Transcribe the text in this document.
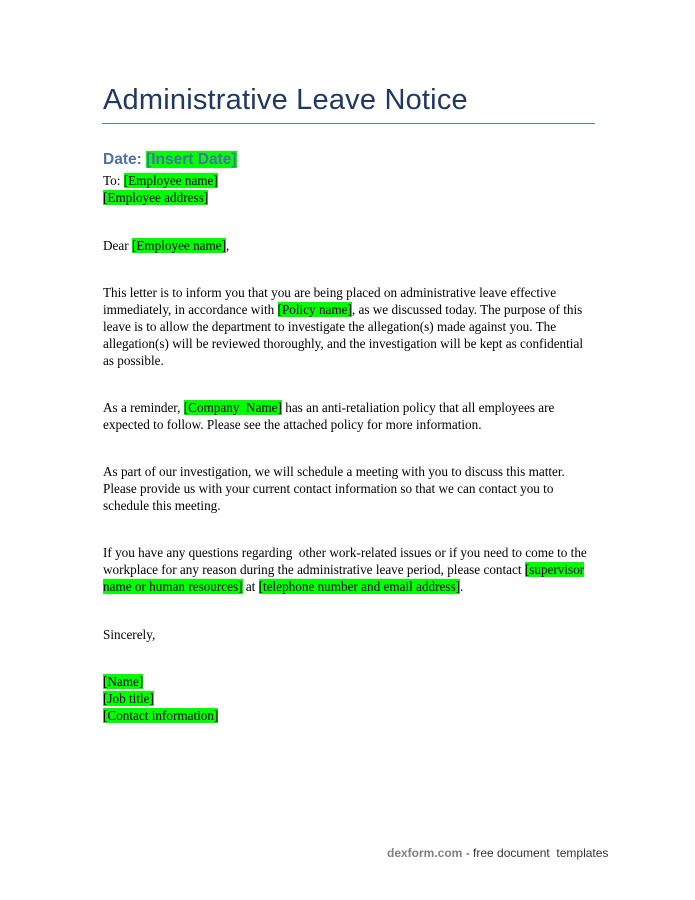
Administrative Leave Notice
Date: [Insert Date]
To: [Employee name]
[Employee address]
Dear [Employee name],
This letter is to inform you that you are being placed on administrative leave effective
immediately, in accordance with [Policy name], as we discussed today. The purpose of this
leave is to allow the department to investigate the allegation(s) made against you. The
allegation(s) will be reviewed thoroughly, and the investigation will be kept as confidential
as possible.
As a reminder, [Company  Name] has an anti-retaliation policy that all employees are
expected to follow. Please see the attached policy for more information.
As part of our investigation, we will schedule a meeting with you to discuss this matter.
Please provide us with your current contact information so that we can contact you to
schedule this meeting.
If you have any questions regarding  other work-related issues or if you need to come to the
workplace for any reason during the administrative leave period, please contact [supervisor
name or human resources] at [telephone number and email address].
Sincerely,
[Name]
[Job title]
[Contact information]
dexform.com - free document  templates
